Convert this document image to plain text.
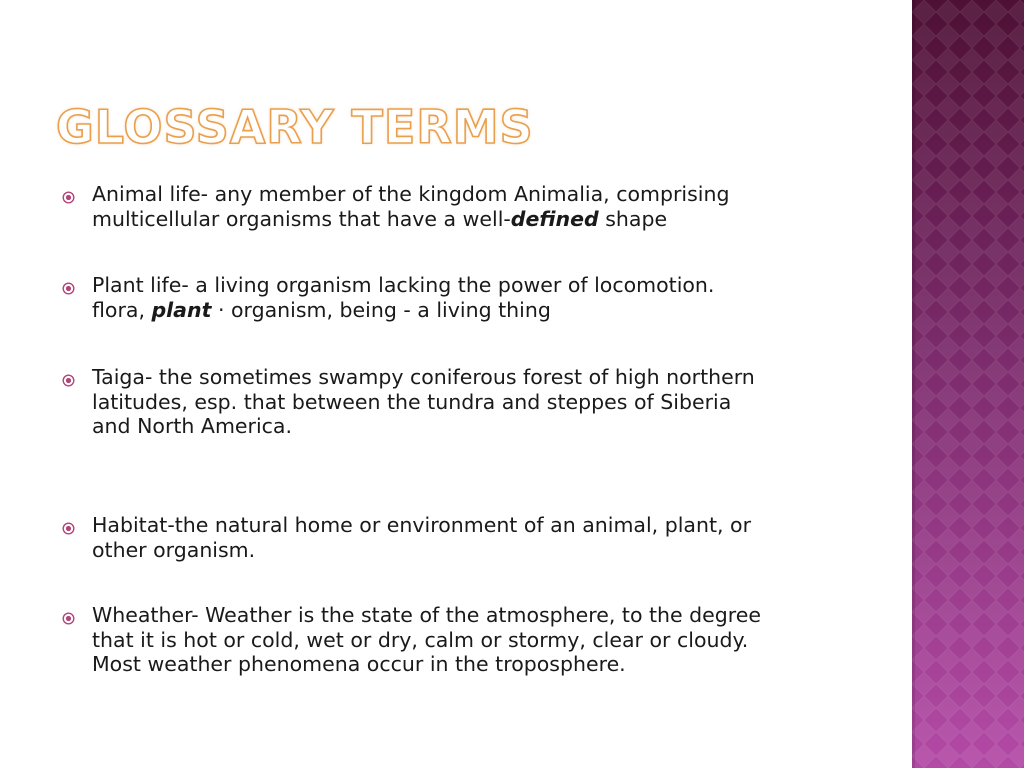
GLOSSARY TERMS
Animal life- any member of the kingdom Animalia, comprising
multicellular organisms that have a well-defined shape
Plant life- a living organism lacking the power of locomotion.
flora, plant · organism, being - a living thing
Taiga- the sometimes swampy coniferous forest of high northern
latitudes, esp. that between the tundra and steppes of Siberia
and North America.
Habitat-the natural home or environment of an animal, plant, or
other organism.
Wheather- Weather is the state of the atmosphere, to the degree
that it is hot or cold, wet or dry, calm or stormy, clear or cloudy.
Most weather phenomena occur in the troposphere.
